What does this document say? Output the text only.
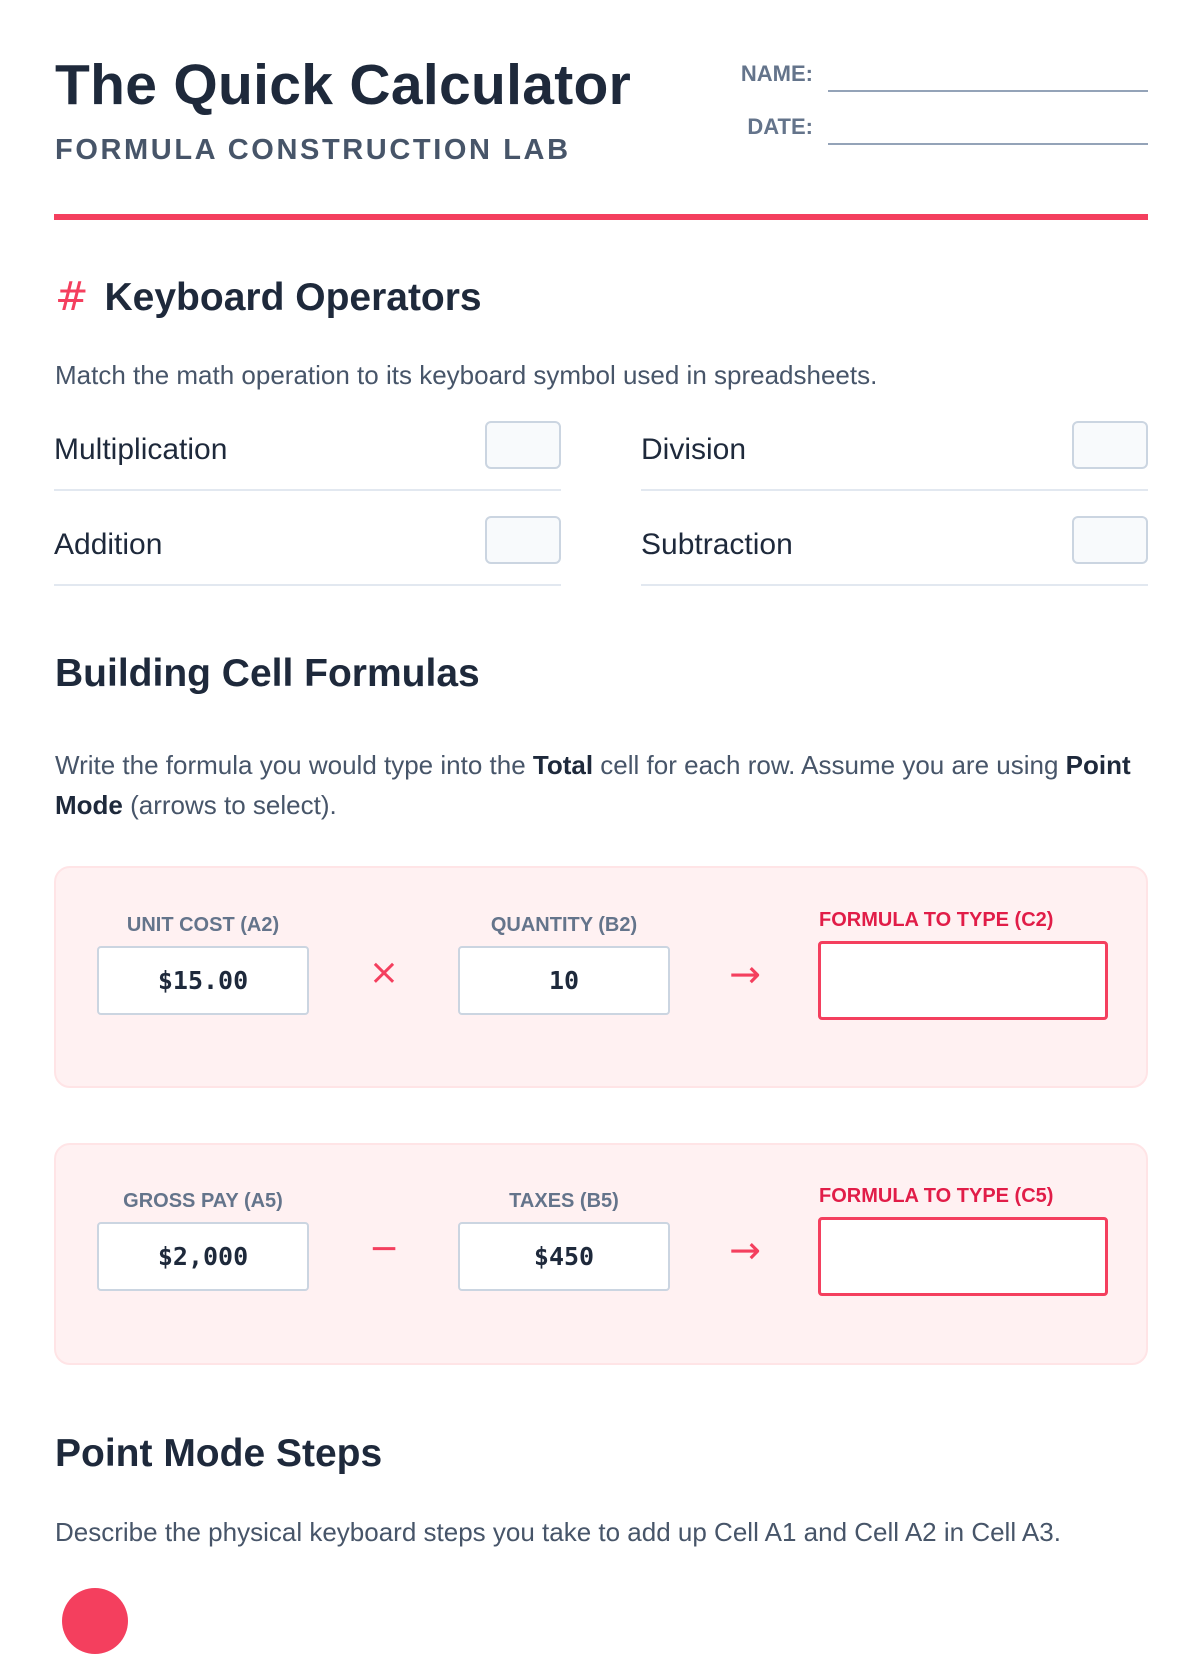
The Quick Calculator
FORMULA CONSTRUCTION LAB
NAME:
DATE:
# Keyboard Operators

Match the math operation to its keyboard symbol used in spreadsheets.

Multiplication	Division
Addition	Subtraction
Building Cell Formulas

Write the formula you would type into the Total cell for each row. Assume you are using Point Mode (arrows to select).

UNIT COST (A2)
$15.00	×
QUANTITY (B2)
10	→
FORMULA TO TYPE (C2)
GROSS PAY (A5)
$2,000	−
TAXES (B5)
$450	→
FORMULA TO TYPE (C5)
Point Mode Steps

Describe the physical keyboard steps you take to add up Cell A1 and Cell A2 in Cell A3.
